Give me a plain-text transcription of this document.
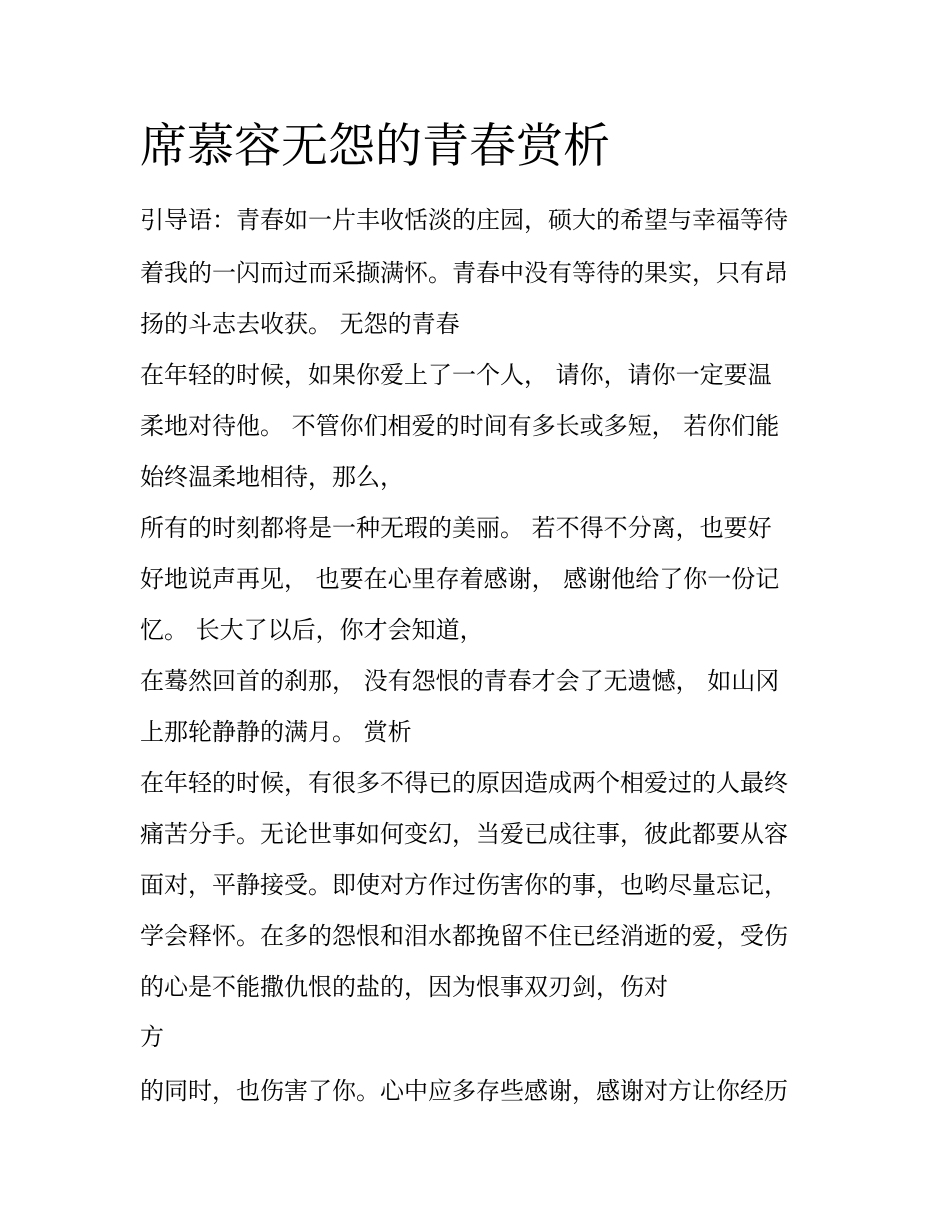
席慕容无怨的青春赏析

引导语：青春如一片丰收恬淡的庄园，硕大的希望与幸福等待

着我的一闪而过而采撷满怀。青春中没有等待的果实，只有昂

扬的斗志去收获。 无怨的青春

在年轻的时候，如果你爱上了一个人， 请你，请你一定要温

柔地对待他。 不管你们相爱的时间有多长或多短， 若你们能

始终温柔地相待，那么，

所有的时刻都将是一种无瑕的美丽。 若不得不分离，也要好

好地说声再见， 也要在心里存着感谢， 感谢他给了你一份记

忆。 长大了以后，你才会知道，

在蓦然回首的刹那， 没有怨恨的青春才会了无遗憾， 如山冈

上那轮静静的满月。 赏析

在年轻的时候，有很多不得已的原因造成两个相爱过的人最终

痛苦分手。无论世事如何变幻，当爱已成往事，彼此都要从容

面对，平静接受。即使对方作过伤害你的事，也哟尽量忘记，

学会释怀。在多的怨恨和泪水都挽留不住已经消逝的爱，受伤

的心是不能撒仇恨的盐的，因为恨事双刃剑，伤对

方

的同时，也伤害了你。心中应多存些感谢，感谢对方让你经历
